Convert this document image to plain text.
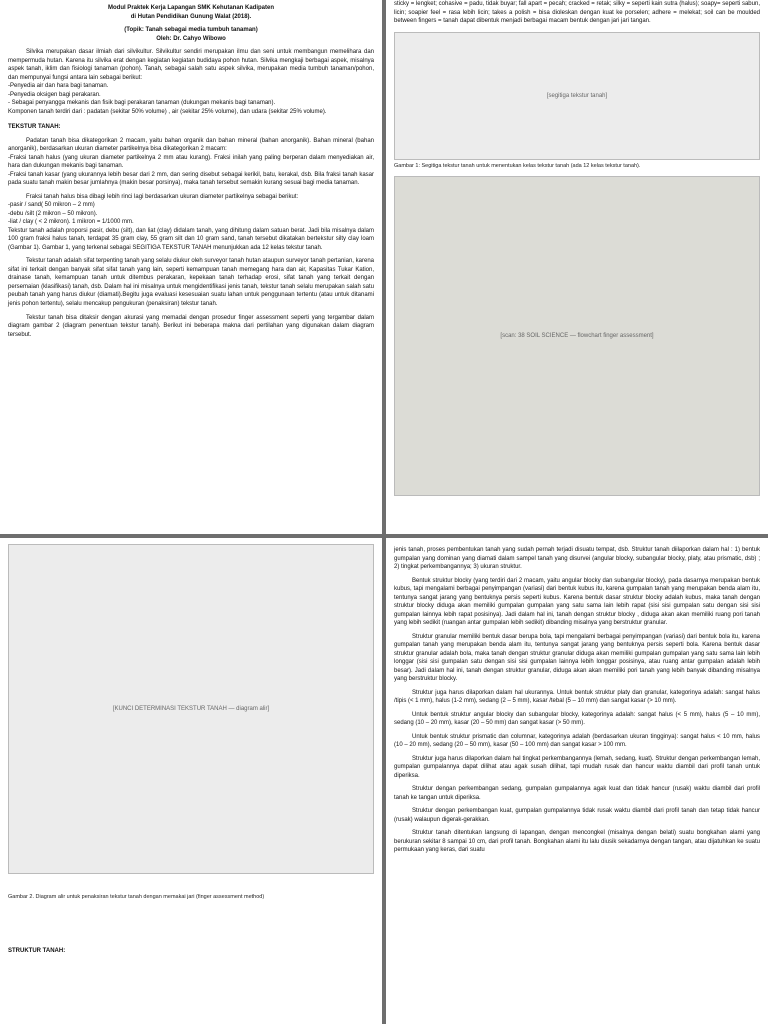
Modul Praktek Kerja Lapangan SMK Kehutanan Kadipaten

di Hutan Pendidikan Gunung Walat (2018).

(Topik: Tanah sebagai media tumbuh tanaman)

Oleh: Dr. Cahyo Wibowo

Silvika merupakan dasar ilmiah dari silvikultur. Silvikultur sendiri merupakan ilmu dan seni untuk membangun memelihara dan mempermuda hutan. Karena itu silvika erat dengan kegiatan kegiatan budidaya pohon hutan. Silvika mengkaji berbagai aspek, misalnya aspek tanah, iklim dan fisiologi tanaman (pohon). Tanah, sebagai salah satu aspek silvika, merupakan media tumbuh tanaman/pohon, dan mempunyai fungsi antara lain sebagai berikut:

-Penyedia air dan hara bagi tanaman.

-Penyedia oksigen bagi perakaran.

- Sebagai penyangga mekanis dan fisik bagi perakaran tanaman (dukungan mekanis bagi tanaman).

Komponen tanah terdiri dari : padatan (sekitar 50% volume) , air (sekitar 25% volume), dan udara (sekitar 25% volume).

TEKSTUR TANAH:

Padatan tanah bisa dikategorikan 2 macam, yaitu bahan organik dan bahan mineral (bahan anorganik). Bahan mineral (bahan anorganik), berdasarkan ukuran diameter partikelnya bisa dikategorikan 2 macam:

-Fraksi tanah halus (yang ukuran diameter partikelnya 2 mm atau kurang). Fraksi inilah yang paling berperan dalam menyediakan air, hara dan dukungan mekanis bagi tanaman.

-Fraksi tanah kasar (yang ukurannya lebih besar dari 2 mm, dan sering disebut sebagai kerikil, batu, kerakal, dsb. Bila fraksi tanah kasar pada suatu tanah makin besar jumlahnya (makin besar porsinya), maka tanah tersebut semakin kurang sesuai bagi media tanaman.

Fraksi tanah halus bisa dibagi lebih rinci lagi berdasarkan ukuran diameter partikelnya sebagai berikut:

-pasir / sand( 50 mikron – 2 mm)

-debu /silt (2 mikron – 50 mikron).

-liat / clay ( < 2 mikron). 1 mikron = 1/1000 mm.

Tekstur tanah adalah proporsi pasir, debu (silt), dan liat (clay) didalam tanah, yang dihitung dalam satuan berat. Jadi bila misalnya dalam 100 gram fraksi halus tanah, terdapat 35 gram clay, 55 gram silt dan 10 gram sand, tanah tersebut dikatakan bertekstur silty clay loam (Gambar 1). Gambar 1, yang terkenal sebagai SEGITIGA TEKSTUR TANAH menunjukkan ada 12 kelas tekstur tanah.

Tekstur tanah adalah sifat terpenting tanah yang selalu diukur oleh surveyor tanah hutan ataupun surveyor tanah pertanian, karena sifat ini terkait dengan banyak sifat sifat tanah yang lain, seperti kemampuan tanah memegang hara dan air, Kapasitas Tukar Kation, drainase tanah, kemampuan tanah untuk ditembus perakaran, kepekaan tanah terhadap erosi, sifat tanah yang terkait dengan persemaian (klasifikasi) tanah, dsb. Dalam hal ini misalnya untuk mengidentifikasi jenis tanah, tekstur tanah selalu merupakan salah satu peubah tanah yang harus diukur (diamati).Begitu juga evaluasi kesesuaian suatu lahan untuk penggunaan tertentu (atau untuk ditanami jenis pohon tertentu), selalu mencakup pengukuran (penaksiran) tekstur tanah.

Tekstur tanah bisa ditaksir dengan akurasi yang memadai dengan prosedur finger assessment seperti yang tergambar dalam diagram gambar 2 (diagram penentuan tekstur tanah). Berikut ini beberapa makna dari pertilahan yang digunakan dalam diagram tersebut.

sticky = lengket; cohasive = padu, tidak buyar; fall apart = pecah; cracked = retak; silky = seperti kain sutra (halus); soapy= seperti sabun, licin; soapier feel = rasa lebih licin; takes a polish = bisa dioleskan dengan kuat ke porselen; adhere = melekat; soil can be moulded between fingers = tanah dapat dibentuk menjadi berbagai macam bentuk dengan jari jari tangan.

[segitiga tekstur tanah]

Gambar 1: Segitiga tekstur tanah untuk menentukan kelas tekstur tanah (ada 12 kelas tekstur tanah).

[scan: 38 SOIL SCIENCE — flowchart finger assessment]
[KUNCI DETERMINASI TEKSTUR TANAH — diagram alir]

Gambar 2. Diagram alir untuk penaksiran tekstur tanah dengan memakai jari (finger assessment method)

STRUKTUR TANAH:

jenis tanah, proses pembentukan tanah yang sudah pernah terjadi disuatu tempat, dsb. Struktur tanah diilaporkan dalam hal : 1) bentuk gumpalan yang dominan yang diamati dalam sampel tanah yang disurvei (angular blocky, subangular blocky, platy, atau prismatic, dsb) ; 2) tingkat perkembangannya; 3) ukuran struktur.

Bentuk struktur blocky (yang terdiri dari 2 macam, yaitu angular blocky dan subangular blocky), pada dasarnya merupakan bentuk kubus, tapi mengalami berbagai penyimpangan (variasi) dari bentuk kubus itu, karena gumpalan tanah yang merupakan benda alam itu, tentunya sangat jarang yang bentuknya persis seperti kubus. Karena bentuk dasar struktur blocky adalah kubus, maka tanah dengan struktur blocky diduga akan memiliki gumpalan gumpalan yang satu sama lain lebih rapat (sisi sisi gumpalan satu dengan sisi sisi gumpalan lainnya lebih rapat posisinya). Jadi dalam hal ini, tanah dengan struktur blocky , diduga akan akan memiliki ruang pori tanah yang lebih sedikit (ruangan antar gumpalan lebih sedikit) dibanding misalnya yang berstruktur granular.

Struktur granular memiliki bentuk dasar berupa bola, tapi mengalami berbagai penyimpangan (variasi) dari bentuk bola itu, karena gumpalan tanah yang merupakan benda alam itu, tentunya sangat jarang yang bentuknya persis seperti bola. Karena bentuk dasar struktur granular adalah bola, maka tanah dengan struktur granular diduga akan memiliki gumpalan gumpalan yang satu sama lain lebih longgar (sisi sisi gumpalan satu dengan sisi sisi gumpalan lainnya lebih longgar posisinya, atau ruang antar gumpalan adalah lebih besar). Jadi dalam hal ini, tanah dengan struktur granular, diduga akan akan memiliki pori tanah yang lebih banyak dibanding misalnya yang berstruktur blocky.

Struktur juga harus dilaporkan dalam hal ukurannya. Untuk bentuk struktur platy dan granular, kategorinya adalah: sangat halus /tipis (< 1 mm), halus (1-2 mm), sedang (2 – 5 mm), kasar /tebal (5 – 10 mm) dan sangat kasar (> 10 mm).

Untuk bentuk struktur angular blocky dan subangular blocky, kategorinya adalah: sangat halus (< 5 mm), halus (5 – 10 mm), sedang (10 – 20 mm), kasar (20 – 50 mm) dan sangat kasar (> 50 mm).

Untuk bentuk struktur prismatic dan columnar, kategorinya adalah (berdasarkan ukuran tingginya): sangat halus < 10 mm, halus (10 – 20 mm), sedang (20 – 50 mm), kasar (50 – 100 mm) dan sangat kasar > 100 mm.

Struktur juga harus dilaporkan dalam hal tingkat perkembangannya (lemah, sedang, kuat). Struktur dengan perkembangan lemah, gumpalan gumpalannya dapat dilihat atau agak susah dilihat, tapi mudah rusak dan hancur waktu diambil dari profil tanah untuk diperiksa.

Struktur dengan perkembangan sedang, gumpalan gumpalannya agak kuat dan tidak hancur (rusak) waktu diambil dari profil tanah ke tangan untuk diperiksa.

Struktur dengan perkembangan kuat, gumpalan gumpalannya tidak rusak waktu diambil dari profil tanah dan tetap tidak hancur (rusak) walaupun digerak-gerakkan.

Struktur tanah ditentukan langsung di lapangan, dengan mencongkel (misalnya dengan belati) suatu bongkahan alami yang berukuran sekitar 8 sampai 10 cm, dari profil tanah. Bongkahan alami itu lalu diusik sekadarnya dengan tangan, atau dijatuhkan ke suatu permukaan yang keras, dari suatu
